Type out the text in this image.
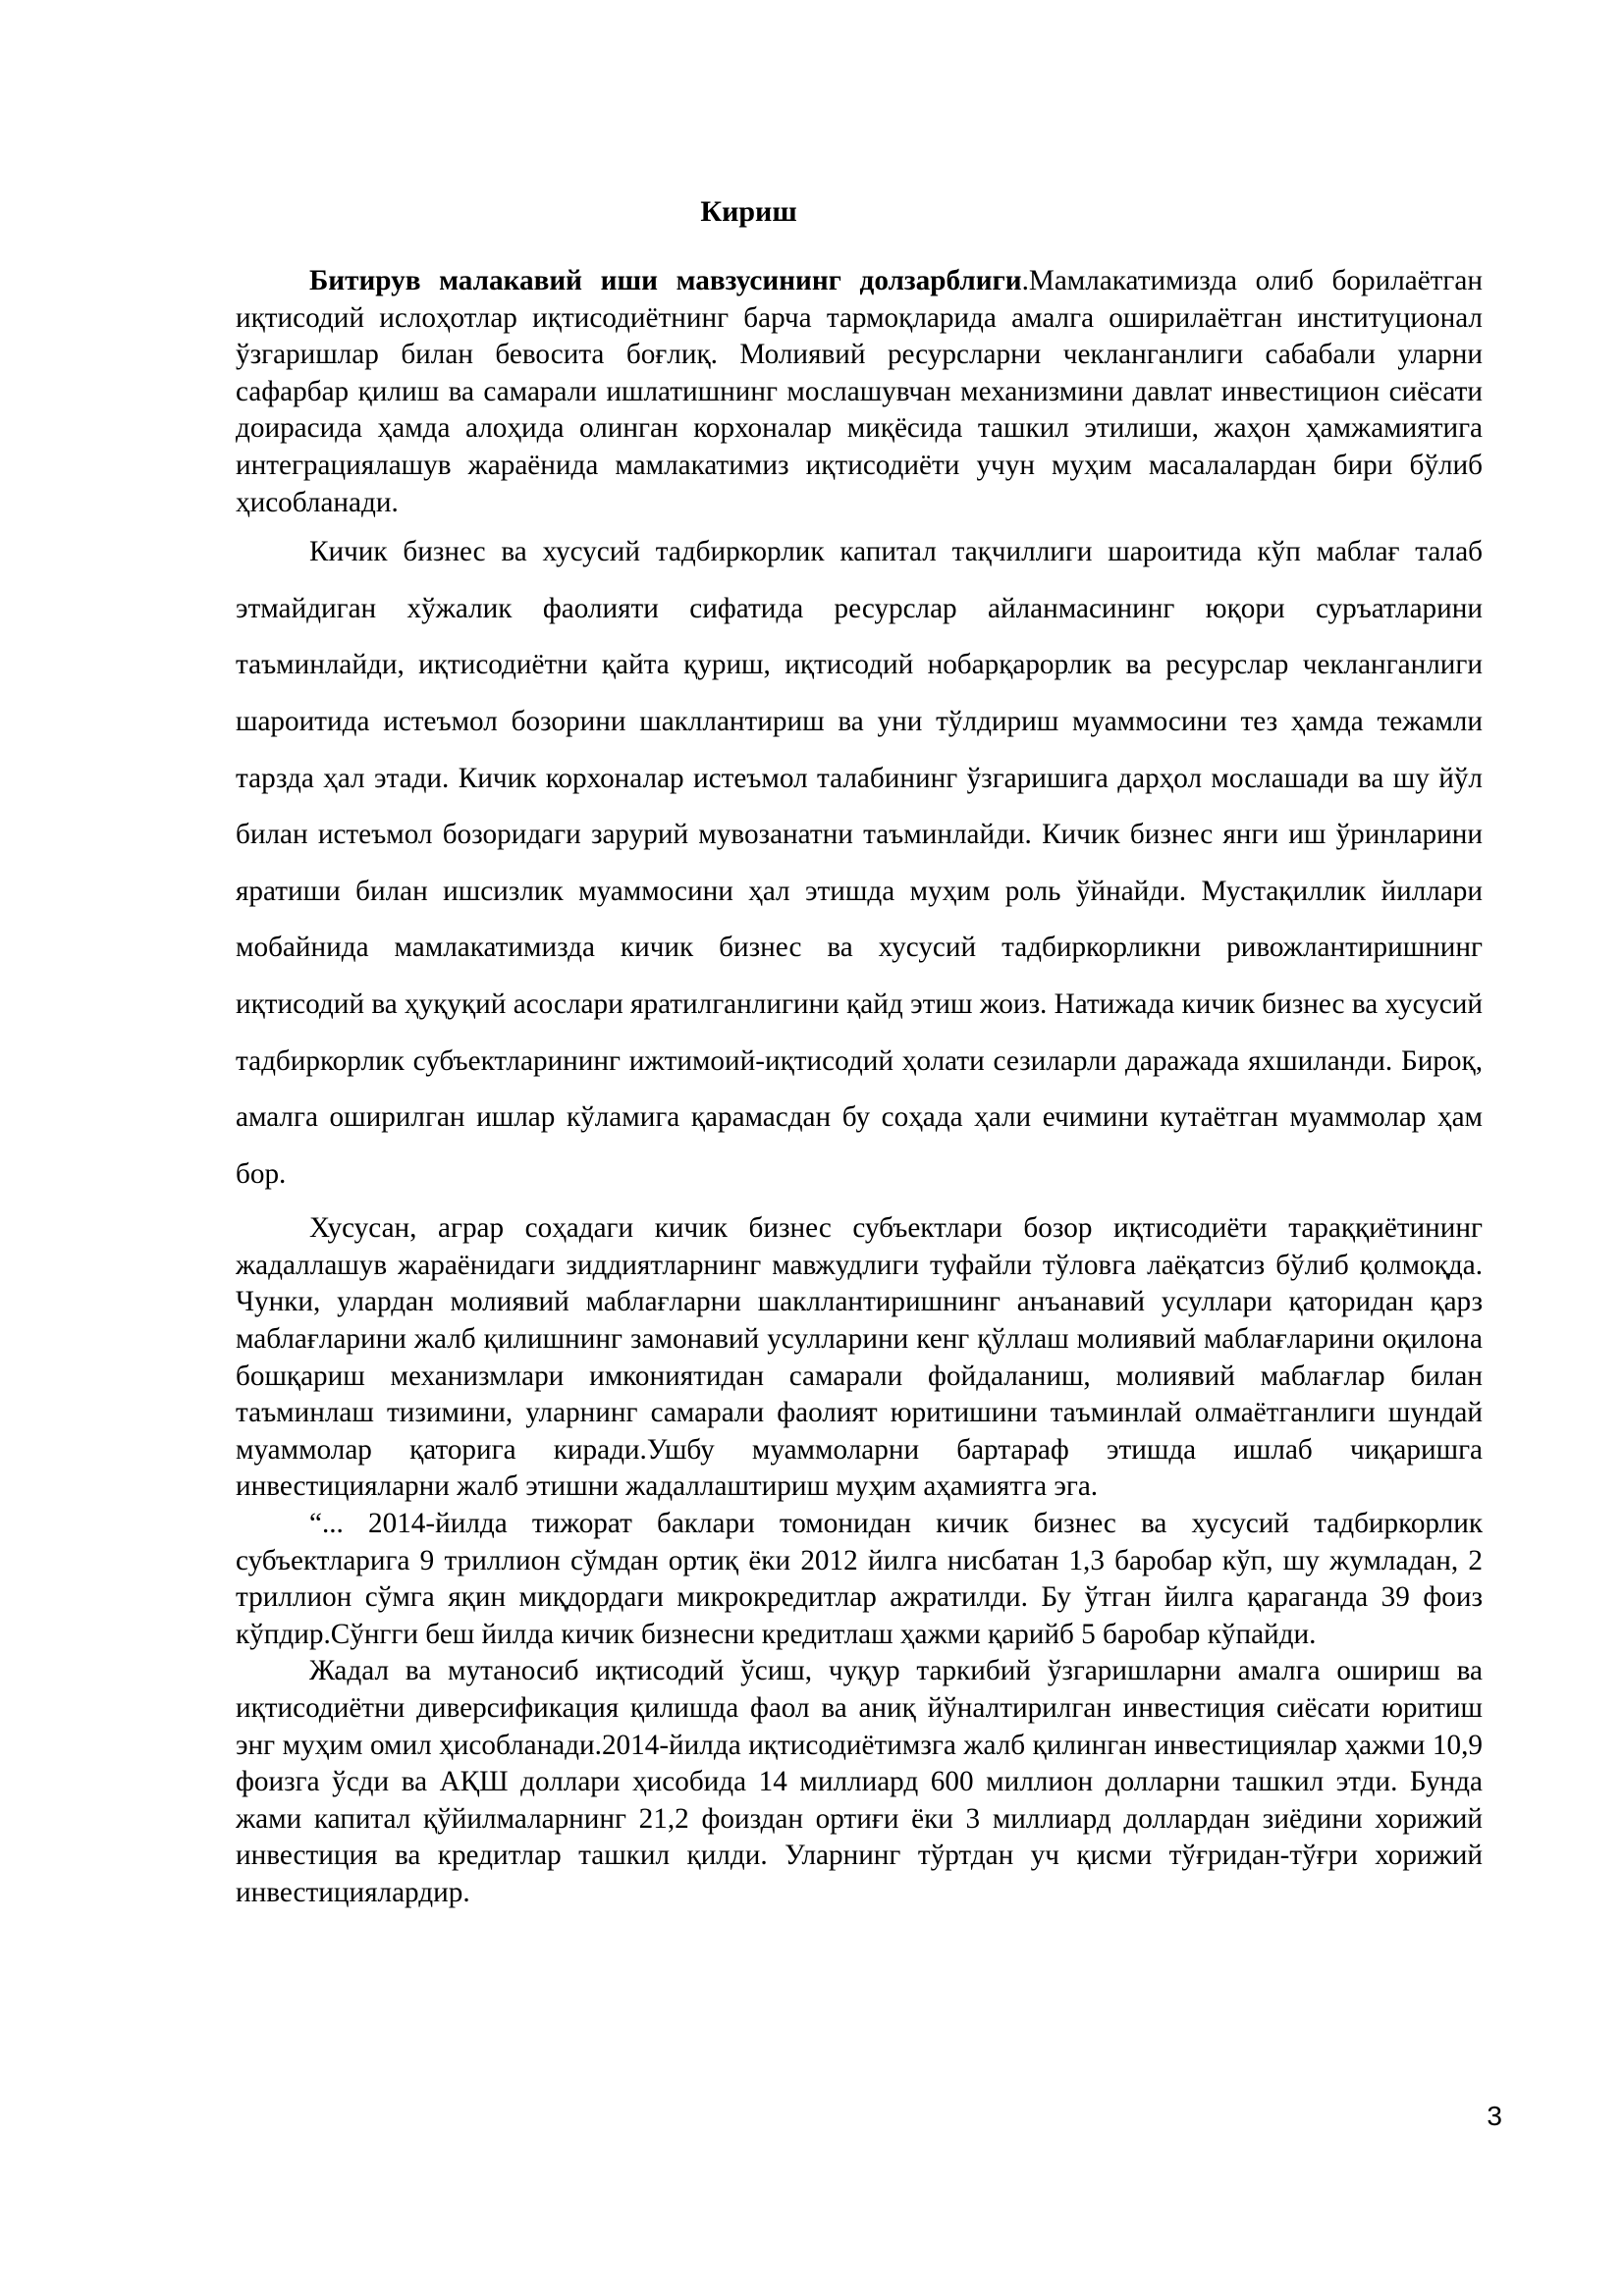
Кириш

Битирув малакавий иши мавзусининг долзарблиги.Мамлакатимизда олиб борилаётган иқтисодий ислоҳотлар иқтисодиётнинг барча тармоқларида амалга оширилаётган институционал ўзгаришлар билан бевосита боғлиқ. Молиявий ресурсларни чекланганлиги сабабали уларни сафарбар қилиш ва самарали ишлатишнинг мослашувчан механизмини давлат инвестицион сиёсати доирасида ҳамда алоҳида олинган корхоналар миқёсида ташкил этилиши, жаҳон ҳамжамиятига интеграциялашув жараёнида мамлакатимиз иқтисодиёти учун муҳим масалалардан бири бўлиб ҳисобланади.

Кичик бизнес ва хусусий тадбиркорлик капитал тақчиллиги шароитида кўп маблағ талаб этмайдиган хўжалик фаолияти сифатида ресурслар айланмасининг юқори суръатларини таъминлайди, иқтисодиётни қайта қуриш, иқтисодий нобарқарорлик ва ресурслар чекланганлиги шароитида истеъмол бозорини шакллантириш ва уни тўлдириш муаммосини тез ҳамда тежамли тарзда ҳал этади. Кичик корхоналар истеъмол талабининг ўзгаришига дарҳол мослашади ва шу йўл билан истеъмол бозоридаги зарурий мувозанатни таъминлайди. Кичик бизнес янги иш ўринларини яратиши билан ишсизлик муаммосини ҳал этишда муҳим роль ўйнайди. Мустақиллик йиллари мобайнида мамлакатимизда кичик бизнес ва хусусий тадбиркорликни ривожлантиришнинг иқтисодий ва ҳуқуқий асослари яратилганлигини қайд этиш жоиз. Натижада кичик бизнес ва хусусий тадбиркорлик субъектларининг ижтимоий-иқтисодий ҳолати сезиларли даражада яхшиланди. Бироқ, амалга оширилган ишлар кўламига қарамасдан бу соҳада ҳали ечимини кутаётган муаммолар ҳам бор.

Хусусан, аграр соҳадаги кичик бизнес субъектлари бозор иқтисодиёти тараққиётининг жадаллашув жараёнидаги зиддиятларнинг мавжудлиги туфайли тўловга лаёқатсиз бўлиб қолмоқда. Чунки, улардан молиявий маблағларни шакллантиришнинг анъанавий усуллари қаторидан қарз маблағларини жалб қилишнинг замонавий усулларини кенг қўллаш молиявий маблағларини оқилона бошқариш механизмлари имкониятидан самарали фойдаланиш, молиявий маблағлар билан таъминлаш тизимини, уларнинг самарали фаолият юритишини таъминлай олмаётганлиги шундай муаммолар қаторига киради.Ушбу муаммоларни бартараф этишда ишлаб чиқаришга инвестицияларни жалб этишни жадаллаштириш муҳим аҳамиятга эга.

“... 2014-йилда тижорат баклари томонидан кичик бизнес ва хусусий тадбиркорлик субъектларига 9 триллион сўмдан ортиқ ёки 2012 йилга нисбатан 1,3 баробар кўп, шу жумладан, 2 триллион сўмга яқин миқдордаги микрокредитлар ажратилди. Бу ўтган йилга қараганда 39 фоиз кўпдир.Сўнгги беш йилда кичик бизнесни кредитлаш ҳажми қарийб 5 баробар кўпайди.

Жадал ва мутаносиб иқтисодий ўсиш, чуқур таркибий ўзгаришларни амалга ошириш ва иқтисодиётни диверсификация қилишда фаол ва аниқ йўналтирилган инвестиция сиёсати юритиш энг муҳим омил ҳисобланади.2014-йилда иқтисодиётимзга жалб қилинган инвестициялар ҳажми 10,9 фоизга ўсди ва АҚШ доллари ҳисобида 14 миллиард 600 миллион долларни ташкил этди. Бунда жами капитал қўйилмаларнинг 21,2 фоиздан ортиғи ёки 3 миллиард доллардан зиёдини хорижий инвестиция ва кредитлар ташкил қилди. Уларнинг тўртдан уч қисми тўғридан-тўғри хорижий инвестициялардир.

3
